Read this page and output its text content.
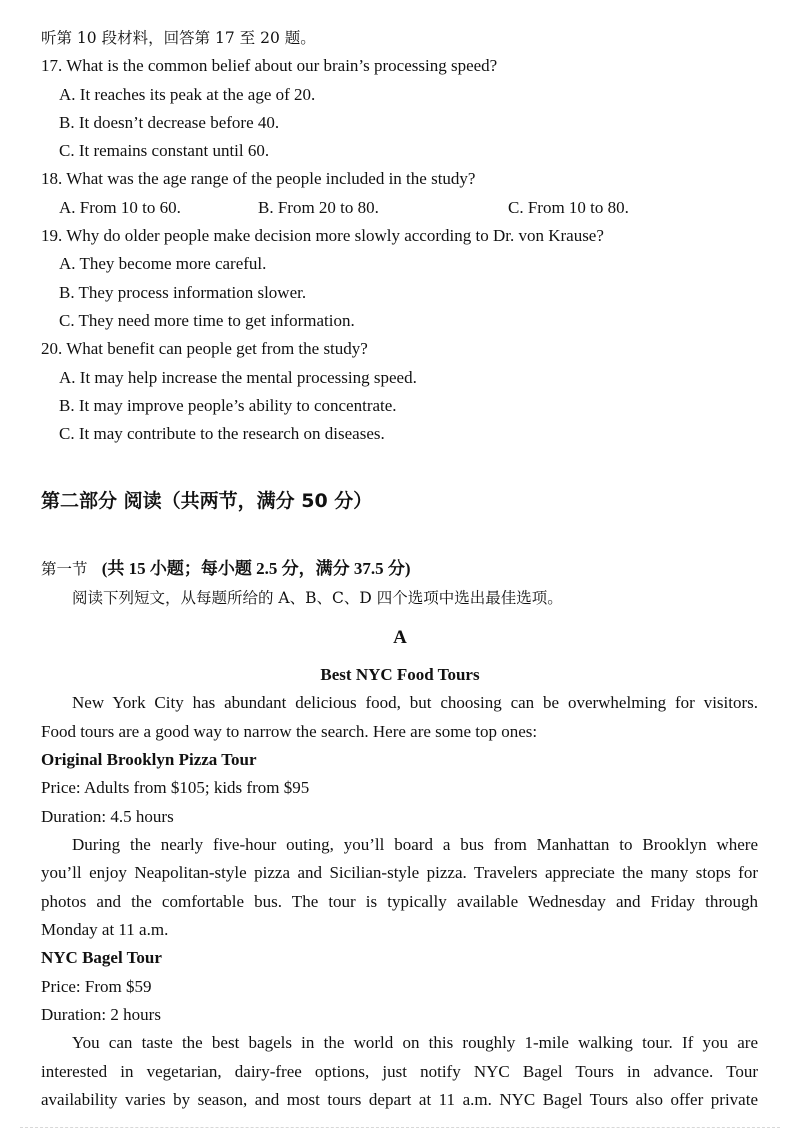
听第 10 段材料，回答第 17 至 20 题。
17. What is the common belief about our brain’s processing speed?
A. It reaches its peak at the age of 20.
B. It doesn’t decrease before 40.
C. It remains constant until 60.
18. What was the age range of the people included in the study?
A. From 10 to 60.	B. From 20 to 80.	C. From 10 to 80.
19. Why do older people make decision more slowly according to Dr. von Krause?
A. They become more careful.
B. They process information slower.
C. They need more time to get information.
20. What benefit can people get from the study?
A. It may help increase the mental processing speed.
B. It may improve people’s ability to concentrate.
C. It may contribute to the research on diseases.
第二部分 阅读（共两节，满分 50 分）
第一节 (共 15 小题；每小题 2.5 分，满分 37.5 分)
阅读下列短文，从每题所给的 A、B、C、D 四个选项中选出最佳选项。
A
Best NYC Food Tours
New York City has abundant delicious food, but choosing can be overwhelming for visitors.
Food tours are a good way to narrow the search. Here are some top ones:
Original Brooklyn Pizza Tour
Price: Adults from $105; kids from $95
Duration: 4.5 hours
During the nearly five-hour outing, you’ll board a bus from Manhattan to Brooklyn where
you’ll enjoy Neapolitan-style pizza and Sicilian-style pizza. Travelers appreciate the many stops for
photos and the comfortable bus. The tour is typically available Wednesday and Friday through
Monday at 11 a.m.
NYC Bagel Tour
Price: From $59
Duration: 2 hours
You can taste the best bagels in the world on this roughly 1-mile walking tour. If you are
interested in vegetarian, dairy-free options, just notify NYC Bagel Tours in advance. Tour
availability varies by season, and most tours depart at 11 a.m. NYC Bagel Tours also offer private
